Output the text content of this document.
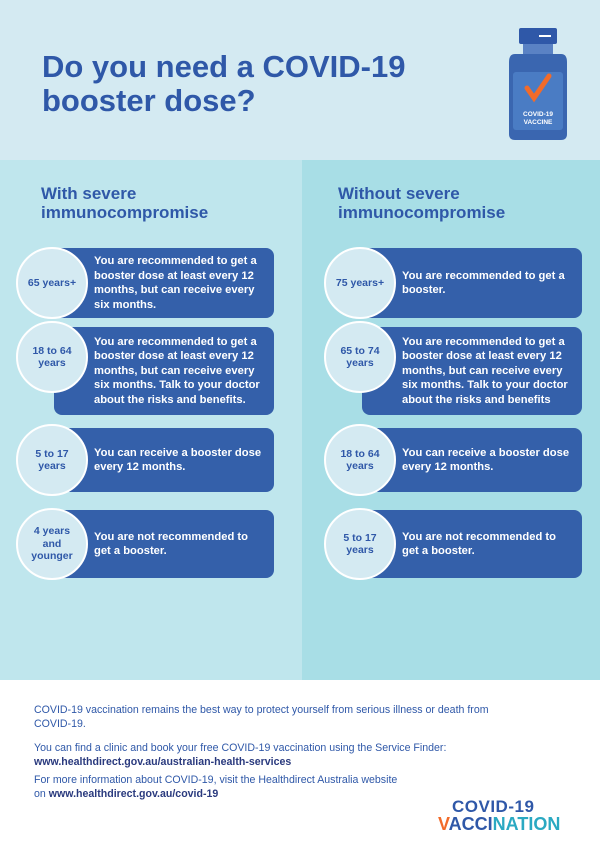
Do you need a COVID-19 booster dose?	COVID-19
VACCINE
With severe immunocompromise
You are recommended to get a booster dose at least every 12 months, but can receive every six months.
65 years+
You are recommended to get a booster dose at least every 12 months, but can receive every six months. Talk to your doctor about the risks and benefits.
18 to 64 years
You can receive a booster dose every 12 months.
5 to 17 years
You are not recommended to get a booster.
4 years and younger
Without severe immunocompromise
You are recommended to get a booster.
75 years+
You are recommended to get a booster dose at least every 12 months, but can receive every six months. Talk to your doctor about the risks and benefits
65 to 74 years
You can receive a booster dose every 12 months.
18 to 64 years
You are not recommended to get a booster.
5 to 17 years

COVID-19 vaccination remains the best way to protect yourself from serious illness or death from COVID-19.

You can find a clinic and book your free COVID-19 vaccination using the Service Finder:
www.healthdirect.gov.au/australian-health-services

For more information about COVID-19, visit the Healthdirect Australia website on www.healthdirect.gov.au/covid-19

COVID-19
VACCINATION
